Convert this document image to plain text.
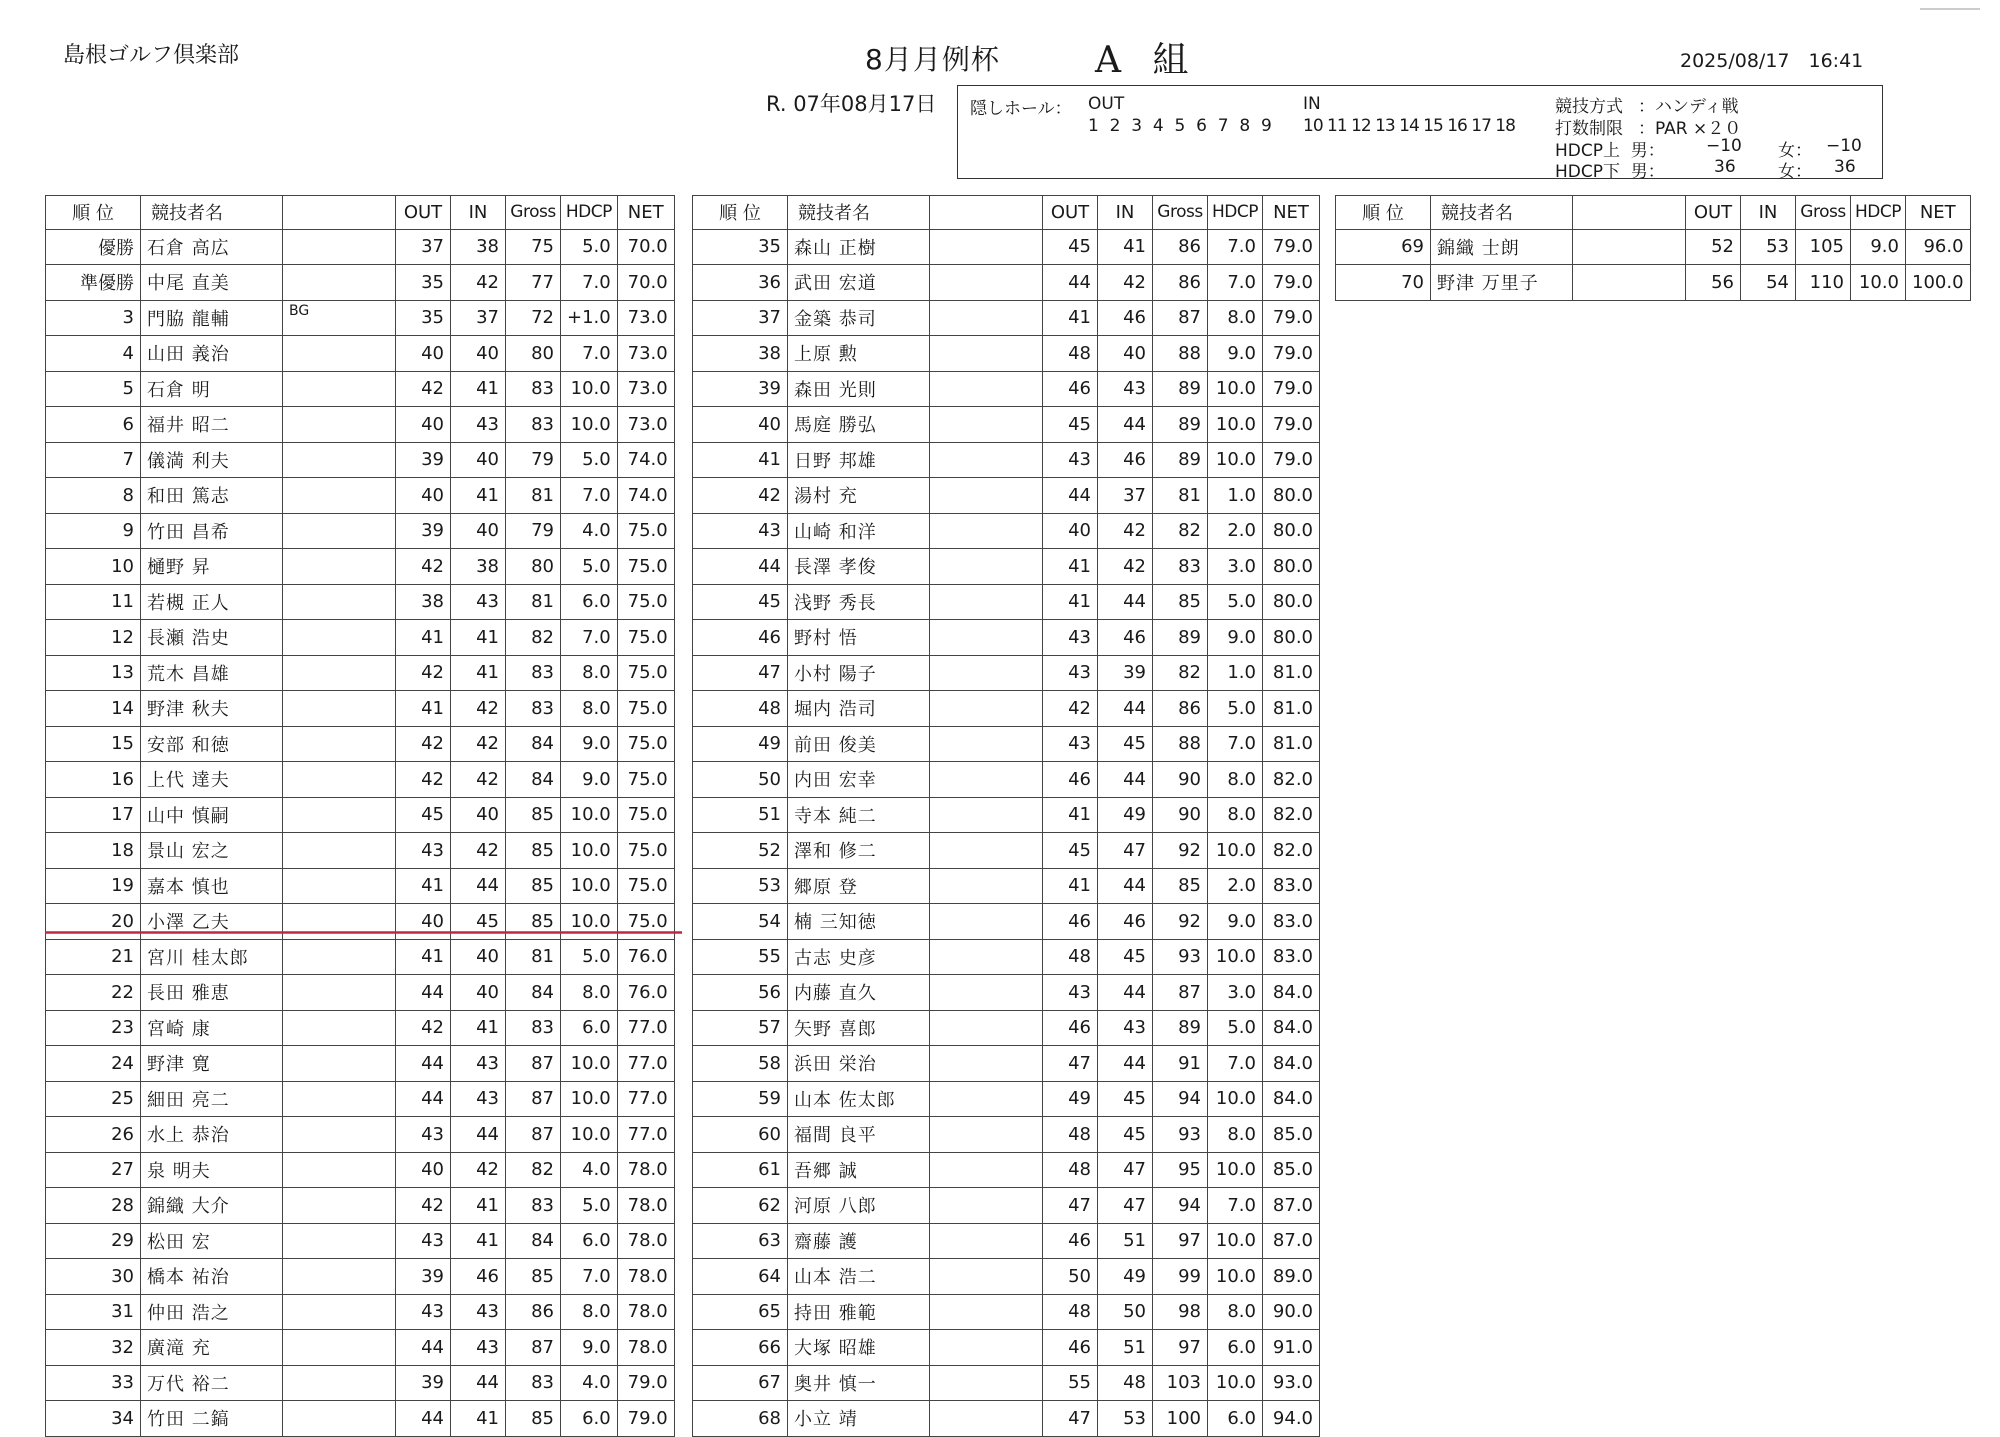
島根ゴルフ倶楽部	8月月例杯	A 組	2025/08/17　16:41
R. 07年08月17日 隠しホール： OUT
1  2  3  4  5  6  7  8  9
IN
10 11 12 13 14 15 16 17 18
競技方式 ：ハンディ戦
打数制限 ：PAR ×２０
HDCP上  男： −10 女： −10
HDCP下  男：	36 女： 36
順 位	競技者名		OUT	IN	Gross	HDCP	NET
優勝	石倉 高広		37	38	75	5.0	70.0
準優勝	中尾 直美		35	42	77	7.0	70.0
3	門脇 龍輔	BG	35	37	72	+1.0	73.0
4	山田 義治		40	40	80	7.0	73.0
5	石倉 明		42	41	83	10.0	73.0
6	福井 昭二		40	43	83	10.0	73.0
7	儀満 利夫		39	40	79	5.0	74.0
8	和田 篤志		40	41	81	7.0	74.0
9	竹田 昌希		39	40	79	4.0	75.0
10	樋野 昇		42	38	80	5.0	75.0
11	若槻 正人		38	43	81	6.0	75.0
12	長瀬 浩史		41	41	82	7.0	75.0
13	荒木 昌雄		42	41	83	8.0	75.0
14	野津 秋夫		41	42	83	8.0	75.0
15	安部 和徳		42	42	84	9.0	75.0
16	上代 達夫		42	42	84	9.0	75.0
17	山中 慎嗣		45	40	85	10.0	75.0
18	景山 宏之		43	42	85	10.0	75.0
19	嘉本 慎也		41	44	85	10.0	75.0
20	小澤 乙夫		40	45	85	10.0	75.0
21	宮川 桂太郎		41	40	81	5.0	76.0
22	長田 雅恵		44	40	84	8.0	76.0
23	宮崎 康		42	41	83	6.0	77.0
24	野津 寛		44	43	87	10.0	77.0
25	細田 亮二		44	43	87	10.0	77.0
26	水上 恭治		43	44	87	10.0	77.0
27	泉 明夫		40	42	82	4.0	78.0
28	錦織 大介		42	41	83	5.0	78.0
29	松田 宏		43	41	84	6.0	78.0
30	橋本 祐治		39	46	85	7.0	78.0
31	仲田 浩之		43	43	86	8.0	78.0
32	廣滝 充		44	43	87	9.0	78.0
33	万代 裕二		39	44	83	4.0	79.0
34	竹田 二鎬		44	41	85	6.0	79.0
順 位	競技者名		OUT	IN	Gross	HDCP	NET
35	森山 正樹		45	41	86	7.0	79.0
36	武田 宏道		44	42	86	7.0	79.0
37	金築 恭司		41	46	87	8.0	79.0
38	上原 勲		48	40	88	9.0	79.0
39	森田 光則		46	43	89	10.0	79.0
40	馬庭 勝弘		45	44	89	10.0	79.0
41	日野 邦雄		43	46	89	10.0	79.0
42	湯村 充		44	37	81	1.0	80.0
43	山崎 和洋		40	42	82	2.0	80.0
44	長澤 孝俊		41	42	83	3.0	80.0
45	浅野 秀長		41	44	85	5.0	80.0
46	野村 悟		43	46	89	9.0	80.0
47	小村 陽子		43	39	82	1.0	81.0
48	堀内 浩司		42	44	86	5.0	81.0
49	前田 俊美		43	45	88	7.0	81.0
50	内田 宏幸		46	44	90	8.0	82.0
51	寺本 純二		41	49	90	8.0	82.0
52	澤和 修二		45	47	92	10.0	82.0
53	郷原 登		41	44	85	2.0	83.0
54	楠 三知徳		46	46	92	9.0	83.0
55	古志 史彦		48	45	93	10.0	83.0
56	内藤 直久		43	44	87	3.0	84.0
57	矢野 喜郎		46	43	89	5.0	84.0
58	浜田 栄治		47	44	91	7.0	84.0
59	山本 佐太郎		49	45	94	10.0	84.0
60	福間 良平		48	45	93	8.0	85.0
61	吾郷 誠		48	47	95	10.0	85.0
62	河原 八郎		47	47	94	7.0	87.0
63	齋藤 護		46	51	97	10.0	87.0
64	山本 浩二		50	49	99	10.0	89.0
65	持田 雅範		48	50	98	8.0	90.0
66	大塚 昭雄		46	51	97	6.0	91.0
67	奥井 慎一		55	48	103	10.0	93.0
68	小立 靖		47	53	100	6.0	94.0
順 位	競技者名		OUT	IN	Gross	HDCP	NET
69	錦織 士朗		52	53	105	9.0	96.0
70	野津 万里子		56	54	110	10.0	100.0
